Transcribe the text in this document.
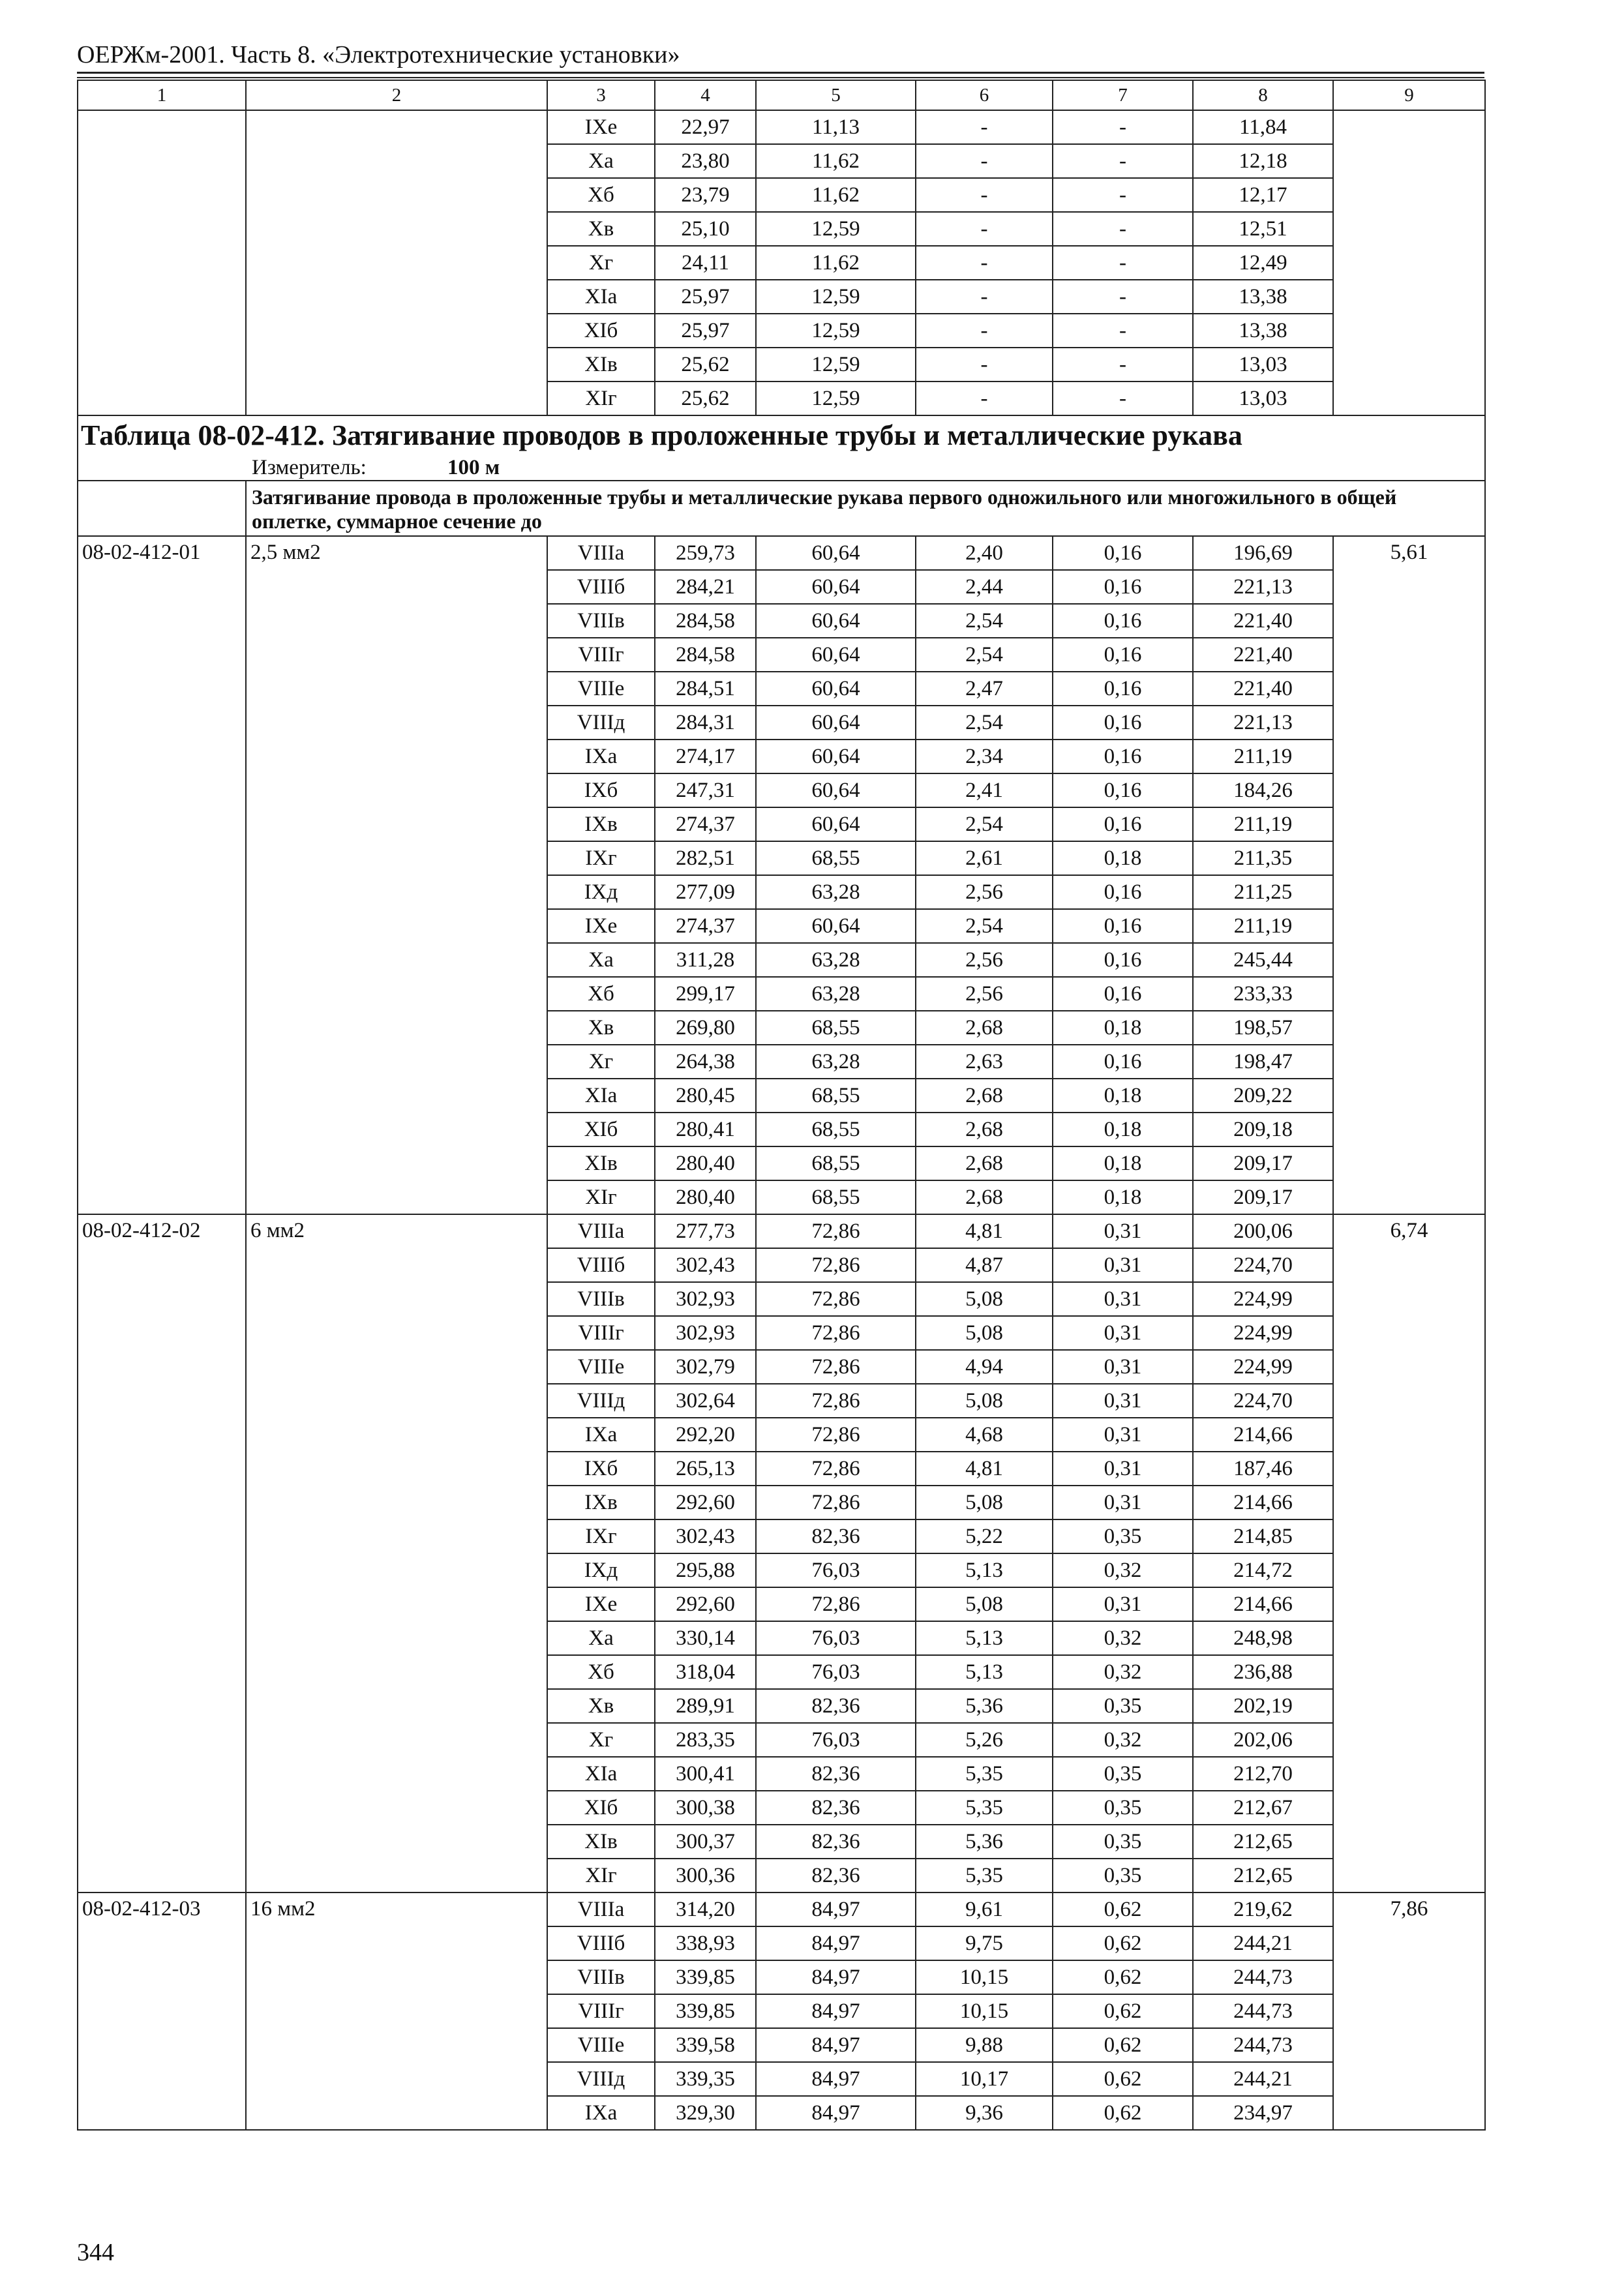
ОЕРЖм-2001. Часть 8. «Электротехнические установки»
1	2	3	4	5	6	7	8	9
		IXе	22,97	11,13	-	-	11,84	
		Xа	23,80	11,62	-	-	12,18	
		Xб	23,79	11,62	-	-	12,17	
		Xв	25,10	12,59	-	-	12,51	
		Xг	24,11	11,62	-	-	12,49	
		XIа	25,97	12,59	-	-	13,38	
		XIб	25,97	12,59	-	-	13,38	
		XIв	25,62	12,59	-	-	13,03	
		XIг	25,62	12,59	-	-	13,03	

Таблица 08-02-412. Затягивание проводов в проложенные трубы и металлические рукава
Измеритель: 100 м								

	Затягивание провода в проложенные трубы и металлические рукава первого одножильного или многожильного в общей оплетке, суммарное сечение до							
08-02-412-01	2,5 мм2	VIIIа	259,73	60,64	2,40	0,16	196,69	5,61
		VIIIб	284,21	60,64	2,44	0,16	221,13	
		VIIIв	284,58	60,64	2,54	0,16	221,40	
		VIIIг	284,58	60,64	2,54	0,16	221,40	
		VIIIе	284,51	60,64	2,47	0,16	221,40	
		VIIIд	284,31	60,64	2,54	0,16	221,13	
		IXа	274,17	60,64	2,34	0,16	211,19	
		IXб	247,31	60,64	2,41	0,16	184,26	
		IXв	274,37	60,64	2,54	0,16	211,19	
		IXг	282,51	68,55	2,61	0,18	211,35	
		IXд	277,09	63,28	2,56	0,16	211,25	
		IXе	274,37	60,64	2,54	0,16	211,19	
		Xа	311,28	63,28	2,56	0,16	245,44	
		Xб	299,17	63,28	2,56	0,16	233,33	
		Xв	269,80	68,55	2,68	0,18	198,57	
		Xг	264,38	63,28	2,63	0,16	198,47	
		XIа	280,45	68,55	2,68	0,18	209,22	
		XIб	280,41	68,55	2,68	0,18	209,18	
		XIв	280,40	68,55	2,68	0,18	209,17	
		XIг	280,40	68,55	2,68	0,18	209,17	
08-02-412-02	6 мм2	VIIIа	277,73	72,86	4,81	0,31	200,06	6,74
		VIIIб	302,43	72,86	4,87	0,31	224,70	
		VIIIв	302,93	72,86	5,08	0,31	224,99	
		VIIIг	302,93	72,86	5,08	0,31	224,99	
		VIIIе	302,79	72,86	4,94	0,31	224,99	
		VIIIд	302,64	72,86	5,08	0,31	224,70	
		IXа	292,20	72,86	4,68	0,31	214,66	
		IXб	265,13	72,86	4,81	0,31	187,46	
		IXв	292,60	72,86	5,08	0,31	214,66	
		IXг	302,43	82,36	5,22	0,35	214,85	
		IXд	295,88	76,03	5,13	0,32	214,72	
		IXе	292,60	72,86	5,08	0,31	214,66	
		Xа	330,14	76,03	5,13	0,32	248,98	
		Xб	318,04	76,03	5,13	0,32	236,88	
		Xв	289,91	82,36	5,36	0,35	202,19	
		Xг	283,35	76,03	5,26	0,32	202,06	
		XIа	300,41	82,36	5,35	0,35	212,70	
		XIб	300,38	82,36	5,35	0,35	212,67	
		XIв	300,37	82,36	5,36	0,35	212,65	
		XIг	300,36	82,36	5,35	0,35	212,65	
08-02-412-03	16 мм2	VIIIа	314,20	84,97	9,61	0,62	219,62	7,86
		VIIIб	338,93	84,97	9,75	0,62	244,21	
		VIIIв	339,85	84,97	10,15	0,62	244,73	
		VIIIг	339,85	84,97	10,15	0,62	244,73	
		VIIIе	339,58	84,97	9,88	0,62	244,73	
		VIIIд	339,35	84,97	10,17	0,62	244,21	
		IXа	329,30	84,97	9,36	0,62	234,97	
344
